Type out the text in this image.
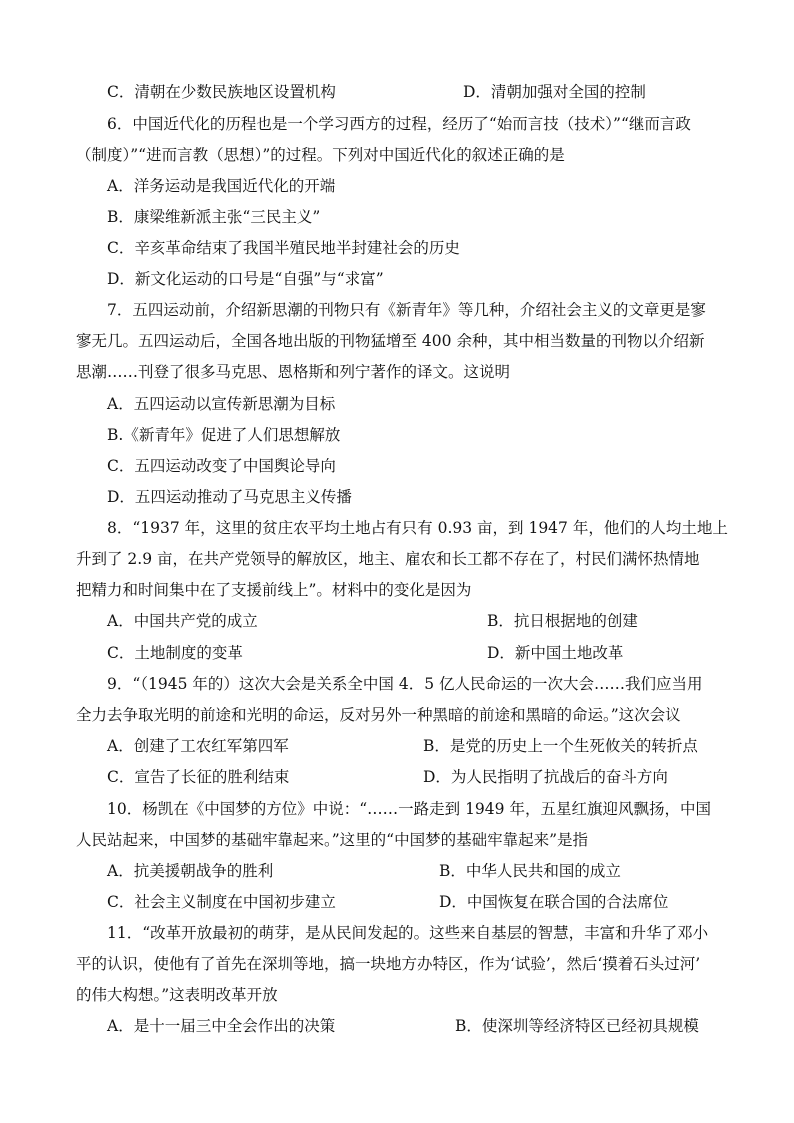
C．清朝在少数民族地区设置机构	D．清朝加强对全国的控制
6．中国近代化的历程也是一个学习西方的过程，经历了“始而言技（技术）”“继而言政
（制度）”“进而言教（思想）”的过程。下列对中国近代化的叙述正确的是
A．洋务运动是我国近代化的开端
B．康梁维新派主张“三民主义”
C．辛亥革命结束了我国半殖民地半封建社会的历史
D．新文化运动的口号是“自强”与“求富”
7．五四运动前，介绍新思潮的刊物只有《新青年》等几种，介绍社会主义的文章更是寥
寥无几。五四运动后，全国各地出版的刊物猛增至 400 余种，其中相当数量的刊物以介绍新
思潮……刊登了很多马克思、恩格斯和列宁著作的译文。这说明
A．五四运动以宣传新思潮为目标
B.《新青年》促进了人们思想解放
C．五四运动改变了中国舆论导向
D．五四运动推动了马克思主义传播
8．“1937 年，这里的贫庄农平均土地占有只有 0.93 亩，到 1947 年，他们的人均土地上
升到了 2.9 亩，在共产党领导的解放区，地主、雇农和长工都不存在了，村民们满怀热情地
把精力和时间集中在了支援前线上”。材料中的变化是因为
A．中国共产党的成立	B．抗日根据地的创建
C．土地制度的变革	D．新中国土地改革
9．“（1945 年的）这次大会是关系全中国 4．5 亿人民命运的一次大会……我们应当用
全力去争取光明的前途和光明的命运，反对另外一种黑暗的前途和黑暗的命运。”这次会议
A．创建了工农红军第四军	B．是党的历史上一个生死攸关的转折点
C．宣告了长征的胜利结束	D．为人民指明了抗战后的奋斗方向
10．杨凯在《中国梦的方位》中说：“……一路走到 1949 年，五星红旗迎风飘扬，中国
人民站起来，中国梦的基础牢靠起来。”这里的“中国梦的基础牢靠起来”是指
A．抗美援朝战争的胜利	B．中华人民共和国的成立
C．社会主义制度在中国初步建立	D．中国恢复在联合国的合法席位
11．“改革开放最初的萌芽，是从民间发起的。这些来自基层的智慧，丰富和升华了邓小
平的认识，使他有了首先在深圳等地，搞一块地方办特区，作为‘试验’，然后‘摸着石头过河’
的伟大构想。”这表明改革开放
A．是十一届三中全会作出的决策	B．使深圳等经济特区已经初具规模
